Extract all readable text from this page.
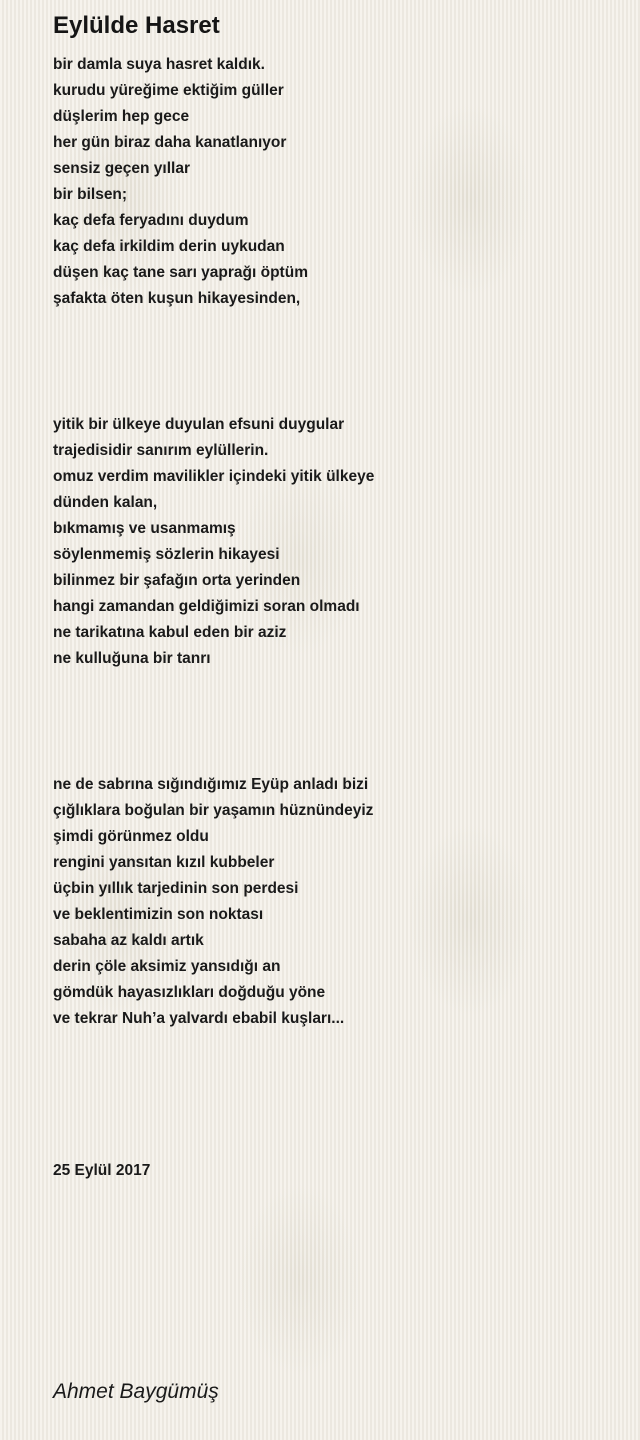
Eylülde Hasret
bir damla suya hasret kaldık.
kurudu yüreğime ektiğim güller
düşlerim hep gece
her gün biraz daha kanatlanıyor
sensiz geçen yıllar
bir bilsen;
kaç defa feryadını duydum
kaç defa irkildim derin uykudan
düşen kaç tane sarı yaprağı öptüm
şafakta öten kuşun hikayesinden,
yitik bir ülkeye duyulan efsuni duygular
trajedisidir sanırım eylüllerin.
omuz verdim mavilikler içindeki yitik ülkeye
dünden kalan,
bıkmamış ve usanmamış
söylenmemiş sözlerin hikayesi
bilinmez bir şafağın orta yerinden
hangi zamandan geldiğimizi soran olmadı
ne tarikatına kabul eden bir aziz
ne kulluğuna bir tanrı
ne de sabrına sığındığımız Eyüp anladı bizi
çığlıklara boğulan bir yaşamın hüznündeyiz
şimdi görünmez oldu
rengini yansıtan kızıl kubbeler
üçbin yıllık tarjedinin son perdesi
ve beklentimizin son noktası
sabaha az kaldı artık
derin çöle aksimiz yansıdığı an
gömdük hayasızlıkları doğduğu yöne
ve tekrar Nuh’a yalvardı ebabil kuşları...
25 Eylül 2017
Ahmet Baygümüş
